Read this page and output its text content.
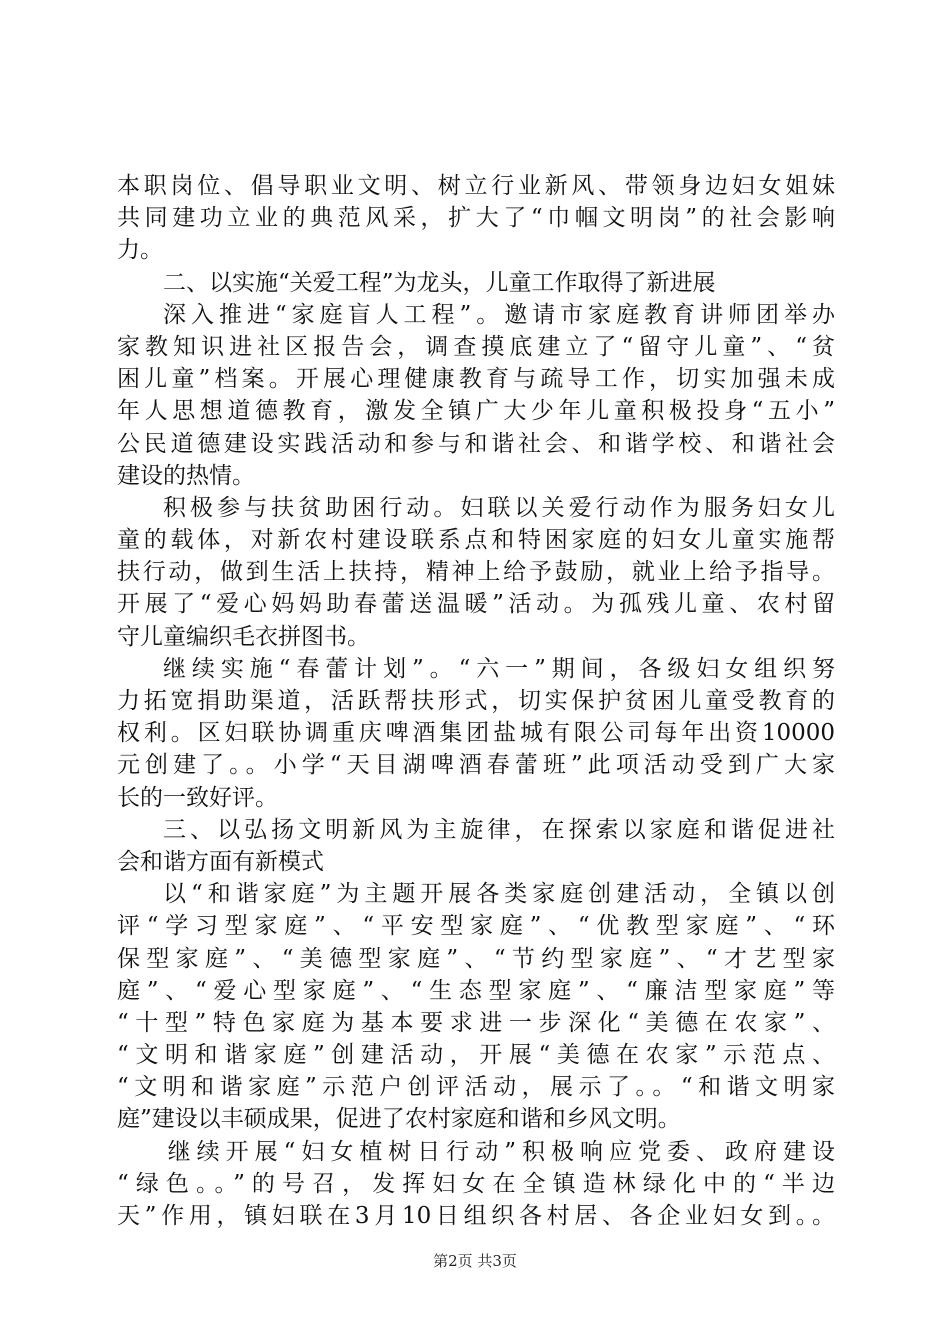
本职岗位、倡导职业文明、树立行业新风、带领身边妇女姐妹
共同建功立业的典范风采，扩大了“巾帼文明岗”的社会影响
力。
二、以实施“关爱工程”为龙头，儿童工作取得了新进展
深入推进“家庭盲人工程”。邀请市家庭教育讲师团举办
家教知识进社区报告会，调查摸底建立了“留守儿童”、“贫
困儿童”档案。开展心理健康教育与疏导工作，切实加强未成
年人思想道德教育，激发全镇广大少年儿童积极投身“五小”
公民道德建设实践活动和参与和谐社会、和谐学校、和谐社会
建设的热情。
积极参与扶贫助困行动。妇联以关爱行动作为服务妇女儿
童的载体，对新农村建设联系点和特困家庭的妇女儿童实施帮
扶行动，做到生活上扶持，精神上给予鼓励，就业上给予指导。
开展了“爱心妈妈助春蕾送温暖”活动。为孤残儿童、农村留
守儿童编织毛衣拼图书。
继续实施“春蕾计划”。“六一”期间，各级妇女组织努
力拓宽捐助渠道，活跃帮扶形式，切实保护贫困儿童受教育的
权利。区妇联协调重庆啤酒集团盐城有限公司每年出资10000
元创建了。。小学“天目湖啤酒春蕾班”此项活动受到广大家
长的一致好评。
三、以弘扬文明新风为主旋律，在探索以家庭和谐促进社
会和谐方面有新模式
以“和谐家庭”为主题开展各类家庭创建活动，全镇以创
评“学习型家庭”、“平安型家庭”、“优教型家庭”、“环
保型家庭”、“美德型家庭”、“节约型家庭”、“才艺型家
庭”、“爱心型家庭”、“生态型家庭”、“廉洁型家庭”等
“十型”特色家庭为基本要求进一步深化“美德在农家”、
“文明和谐家庭”创建活动，开展“美德在农家”示范点、
“文明和谐家庭”示范户创评活动，展示了。。“和谐文明家
庭”建设以丰硕成果，促进了农村家庭和谐和乡风文明。
继续开展“妇女植树日行动”积极响应党委、政府建设
“绿色。。”的号召，发挥妇女在全镇造林绿化中的“半边
天”作用，镇妇联在3月10日组织各村居、各企业妇女到。。
第2页 共3页
